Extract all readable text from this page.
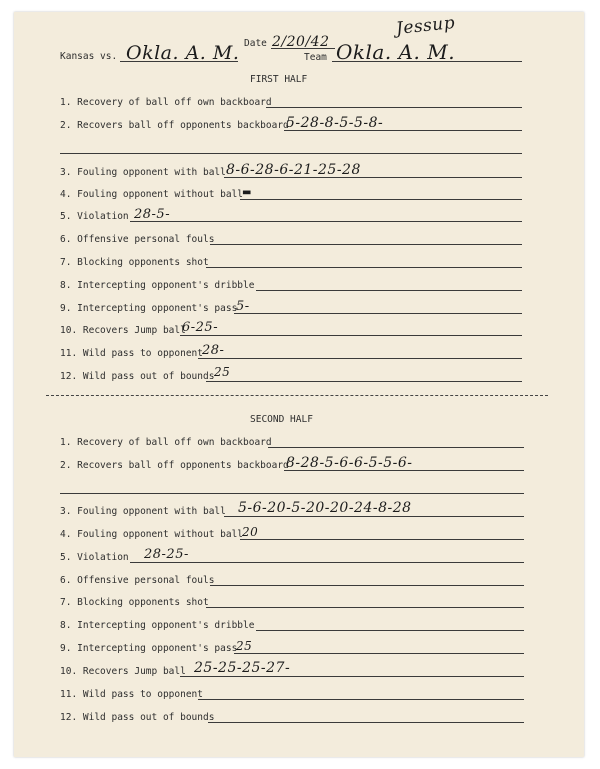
Kansas vs. Okla. A. M. Date 2/20/42
Jessup
Team Okla. A. M.
FIRST HALF
1. Recovery of ball off own backboard
2. Recovers ball off opponents backboard
5-28-8-5-5-8-
3. Fouling opponent with ball 8-6-28-6-21-25-28
4. Fouling opponent without ball
▬
5. Violation 28-5-
6. Offensive personal fouls
7. Blocking opponents shot
8. Intercepting opponent's dribble
9. Intercepting opponent's pass
5-
10. Recovers Jump ball
6-25-
11. Wild pass to opponent 28-
12. Wild pass out of bounds 25
SECOND HALF
1. Recovery of ball off own backboard
2. Recovers ball off opponents backboard
8-28-5-6-6-5-5-6-
3. Fouling opponent with ball 5-6-20-5-20-20-24-8-28
4. Fouling opponent without ball
20
5. Violation 28-25-
6. Offensive personal fouls
7. Blocking opponents shot
8. Intercepting opponent's dribble
9. Intercepting opponent's pass
25
10. Recovers Jump ball 25-25-25-27-
11. Wild pass to opponent
12. Wild pass out of bounds
